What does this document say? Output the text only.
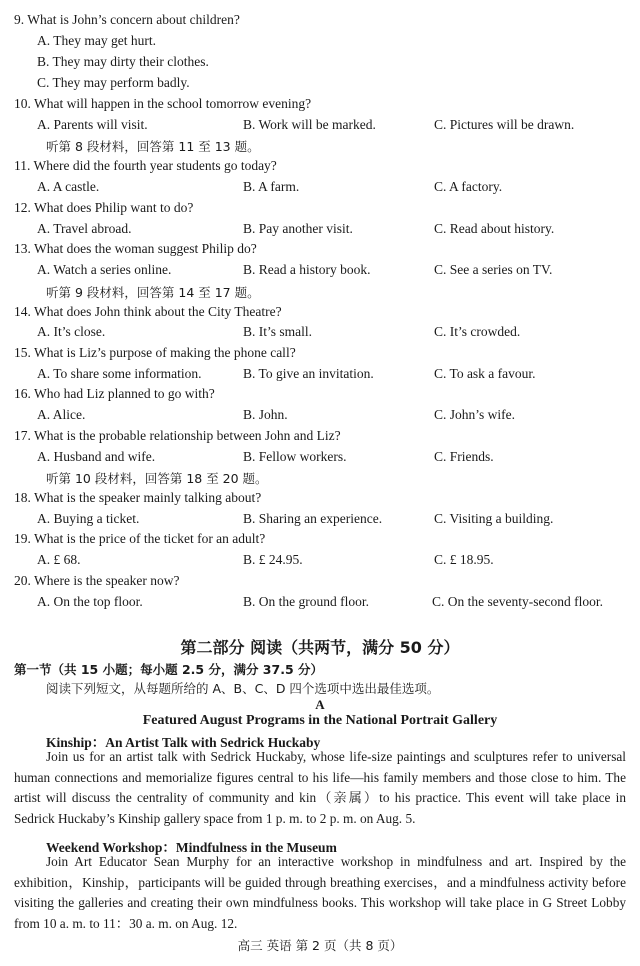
9. What is John’s concern about children?
A. They may get hurt.
B. They may dirty their clothes.
C. They may perform badly.
10. What will happen in the school tomorrow evening?
A. Parents will visit.	B. Work will be marked.	C. Pictures will be drawn.
听第 8 段材料，回答第 11 至 13 题。
11. Where did the fourth year students go today?
A. A castle.	B. A farm.	C. A factory.
12. What does Philip want to do?
A. Travel abroad.	B. Pay another visit.	C. Read about history.
13. What does the woman suggest Philip do?
A. Watch a series online.	B. Read a history book.	C. See a series on TV.
听第 9 段材料，回答第 14 至 17 题。
14. What does John think about the City Theatre?
A. It’s close.	B. It’s small.	C. It’s crowded.
15. What is Liz’s purpose of making the phone call?
A. To share some information.	B. To give an invitation.	C. To ask a favour.
16. Who had Liz planned to go with?
A. Alice.	B. John.	C. John’s wife.
17. What is the probable relationship between John and Liz?
A. Husband and wife.	B. Fellow workers.	C. Friends.
听第 10 段材料，回答第 18 至 20 题。
18. What is the speaker mainly talking about?
A. Buying a ticket.	B. Sharing an experience.	C. Visiting a building.
19. What is the price of the ticket for an adult?
A. £ 68.	B. £ 24.95.	C. £ 18.95.
20. Where is the speaker now?
A. On the top floor.	B. On the ground floor.	C. On the seventy-second floor.
第二部分 阅读（共两节，满分 50 分）
第一节（共 15 小题；每小题 2.5 分，满分 37.5 分）
阅读下列短文，从每题所给的 A、B、C、D 四个选项中选出最佳选项。
A
Featured August Programs in the National Portrait Gallery
Kinship：An Artist Talk with Sedrick Huckaby
Join us for an artist talk with Sedrick Huckaby, whose life-size paintings and sculptures refer to universal human connections and memorialize figures central to his life—his family members and those close to him. The artist will discuss the centrality of community and kin（亲属）to his practice. This event will take place in Sedrick Huckaby’s Kinship gallery space from 1 p. m. to 2 p. m. on Aug. 5.
Weekend Workshop：Mindfulness in the Museum
Join Art Educator Sean Murphy for an interactive workshop in mindfulness and art. Inspired by the exhibition，Kinship，participants will be guided through breathing exercises，and a mindfulness activity before visiting the galleries and creating their own mindfulness books. This workshop will take place in G Street Lobby from 10 a. m. to 11：30 a. m. on Aug. 12.
高三 英语 第 2 页（共 8 页）
